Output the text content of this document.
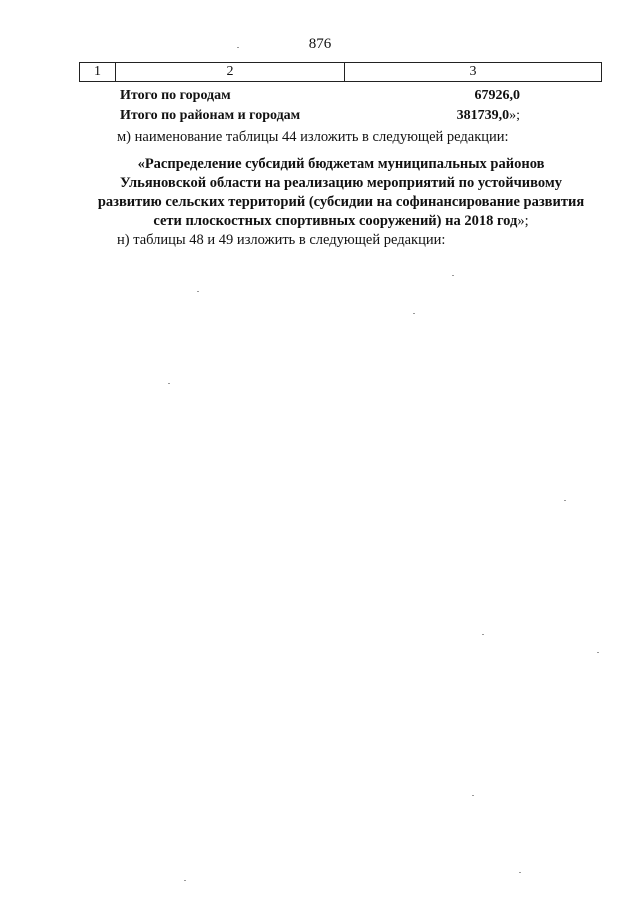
876
1	2	3
Итого по городам	67926,0
Итого по районам и городам	381739,0»;
м) наименование таблицы 44 изложить в следующей редакции:
«Распределение субсидий бюджетам муниципальных районов
Ульяновской области на реализацию мероприятий по устойчивому
развитию сельских территорий (субсидии на софинансирование развития
сети плоскостных спортивных сооружений) на 2018 год»;
н) таблицы 48 и 49 изложить в следующей редакции:
